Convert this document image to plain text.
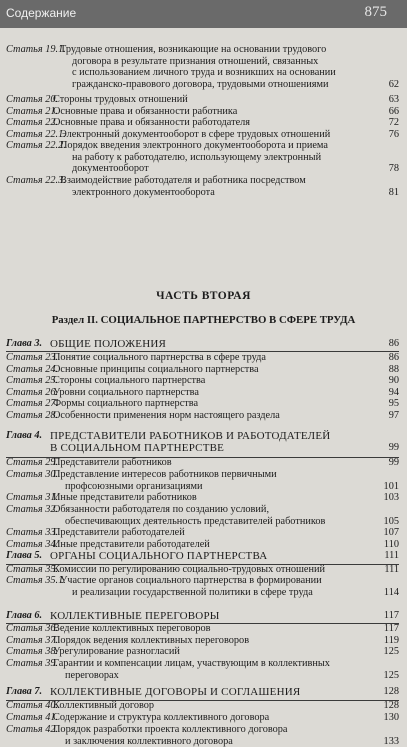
Содержание	875
ЧАСТЬ ВТОРАЯ
Раздел II. СОЦИАЛЬНОЕ ПАРТНЕРСТВО В СФЕРЕ ТРУДА
Статья 19.1.
Трудовые отношения, возникающие на основании трудового
договора в результате признания отношений, связанных
с использованием личного труда и возникших на основании
гражданско-правового договора, трудовыми отношениями	62
Статья 20.
Стороны трудовых отношений	63
Статья 21.
Основные права и обязанности работника	66
Статья 22.
Основные права и обязанности работодателя	72
Статья 22.1.
Электронный документооборот в сфере трудовых отношений	76
Статья 22.2.
Порядок введения электронного документооборота и приема
на работу к работодателю, использующему электронный
документооборот	78
Статья 22.3.
Взаимодействие работодателя и работника посредством
электронного документооборота	81
Глава 3. ОБЩИЕ ПОЛОЖЕНИЯ	86
Статья 23.
Понятие социального партнерства в сфере труда	86
Статья 24.
Основные принципы социального партнерства	88
Статья 25.
Стороны социального партнерства	90
Статья 26.
Уровни социального партнерства	94
Статья 27.
Формы социального партнерства	95
Статья 28.
Особенности применения норм настоящего раздела	97
Глава 4. ПРЕДСТАВИТЕЛИ РАБОТНИКОВ И РАБОТОДАТЕЛЕЙ
В СОЦИАЛЬНОМ ПАРТНЕРСТВЕ	99
Статья 29.
Представители работников	99
Статья 30.
Представление интересов работников первичными
профсоюзными организациями	101
Статья 31.
Иные представители работников	103
Статья 32.
Обязанности работодателя по созданию условий,
обеспечивающих деятельность представителей работников	105
Статья 33.
Представители работодателей	107
Статья 34.
Иные представители работодателей	110
Глава 5. ОРГАНЫ СОЦИАЛЬНОГО ПАРТНЕРСТВА	111
Статья 35.
Комиссии по регулированию социально-трудовых отношений	111
Статья 35.1.
Участие органов социального партнерства в формировании
и реализации государственной политики в сфере труда	114
Глава 6. КОЛЛЕКТИВНЫЕ ПЕРЕГОВОРЫ	117
Статья 36.
Ведение коллективных переговоров	117
Статья 37.
Порядок ведения коллективных переговоров	119
Статья 38.
Урегулирование разногласий	125
Статья 39.
Гарантии и компенсации лицам, участвующим в коллективных
переговорах	125
Глава 7. КОЛЛЕКТИВНЫЕ ДОГОВОРЫ И СОГЛАШЕНИЯ	128
Статья 40.
Коллективный договор	128
Статья 41.
Содержание и структура коллективного договора	130
Статья 42.
Порядок разработки проекта коллективного договора
и заключения коллективного договора	133
